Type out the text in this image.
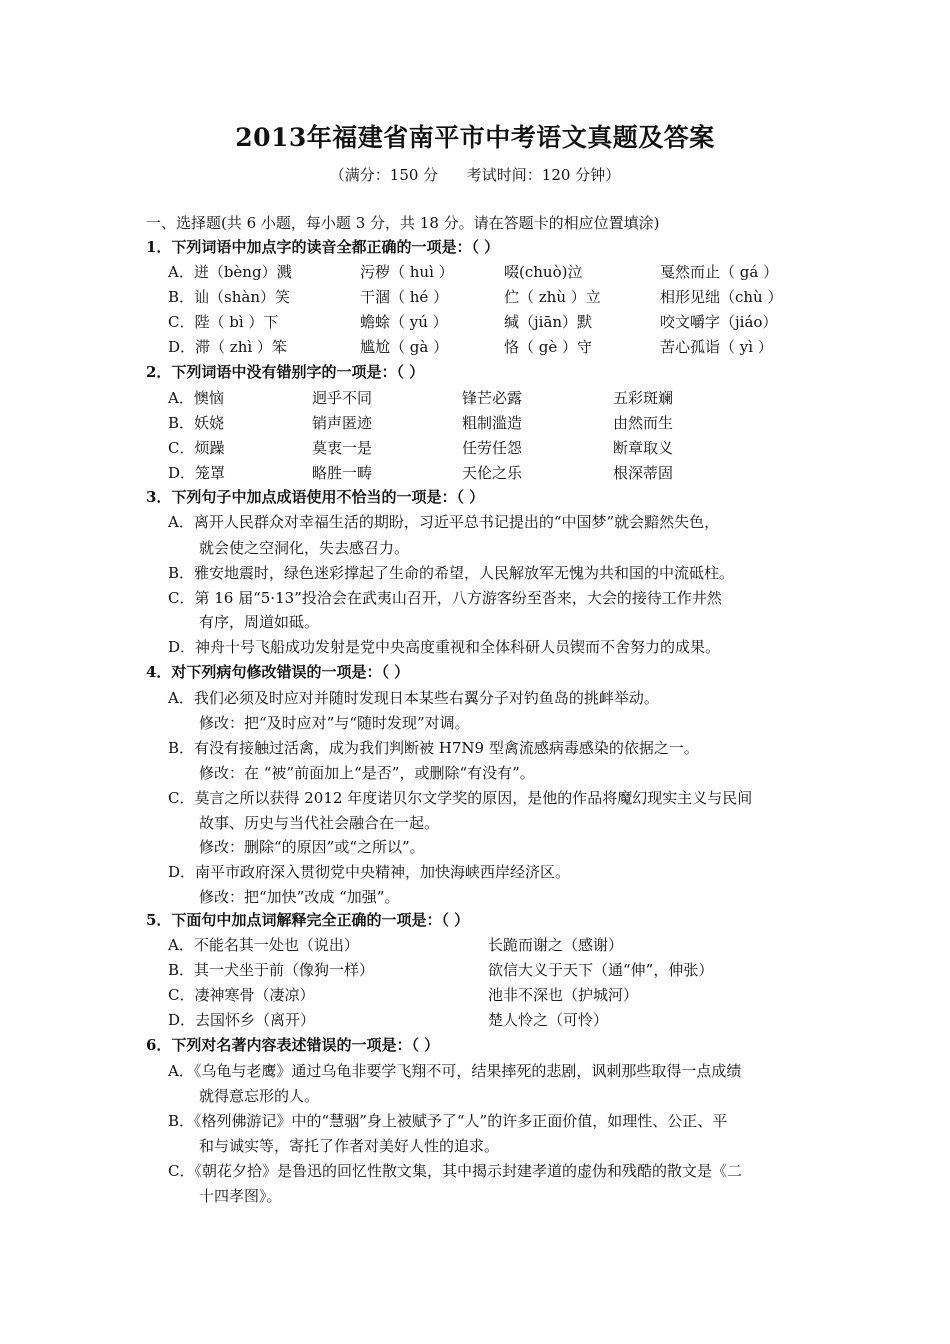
2013年福建省南平市中考语文真题及答案
（满分：150 分      考试时间：120 分钟）
一、选择题(共 6 小题，每小题 3 分，共 18 分。请在答题卡的相应位置填涂)
1．下列词语中加点字的读音全都正确的一项是：（ ）
A．迸（bèng）溅	污秽（ huì ）	啜(chuò)泣	戛然而止（ gá ）
B．讪（shàn）笑	干涸（ hé ）	伫（ zhù ）立	相形见绌（chù ）
C．陛（ bì ）下	蟾蜍（ yú ）	缄（jiān）默	咬文嚼字（jiáo）
D．滞（ zhì ）笨	尴尬（ gà ）	恪（ gè ）守	苦心孤诣（ yì ）
2．下列词语中没有错别字的一项是：（ ）
A．懊恼	迥乎不同	锋芒必露	五彩斑斓
B．妖娆	销声匿迹	粗制滥造	由然而生
C．烦躁	莫衷一是	任劳任怨	断章取义
D．笼罩	略胜一畴	天伦之乐	根深蒂固
3．下列句子中加点成语使用不恰当的一项是：（ ）
A．离开人民群众对幸福生活的期盼，习近平总书记提出的“中国梦”就会黯然失色，
就会使之空洞化，失去感召力。
B．雅安地震时，绿色迷彩撑起了生命的希望，人民解放军无愧为共和国的中流砥柱。
C．第 16 届“5·13”投洽会在武夷山召开，八方游客纷至沓来，大会的接待工作井然
有序，周道如砥。
D．神舟十号飞船成功发射是党中央高度重视和全体科研人员锲而不舍努力的成果。
4．对下列病句修改错误的一项是：（ ）
A．我们必须及时应对并随时发现日本某些右翼分子对钓鱼岛的挑衅举动。
修改：把“及时应对”与“随时发现”对调。
B．有没有接触过活禽，成为我们判断被 H7N9 型禽流感病毒感染的依据之一。
修改：在 “被”前面加上“是否”，或删除“有没有”。
C．莫言之所以获得 2012 年度诺贝尔文学奖的原因，是他的作品将魔幻现实主义与民间
故事、历史与当代社会融合在一起。
修改：删除“的原因”或“之所以”。
D．南平市政府深入贯彻党中央精神，加快海峡西岸经济区。
修改：把“加快”改成 “加强”。
5．下面句中加点词解释完全正确的一项是：（ ）
A．不能名其一处也（说出）	长跪而谢之（感谢）
B．其一犬坐于前（像狗一样）	欲信大义于天下（通“伸”，伸张）
C．凄神寒骨（凄凉）	池非不深也（护城河）
D．去国怀乡（离开）	楚人怜之（可怜）
6．下列对名著内容表述错误的一项是：（ ）
A．《乌龟与老鹰》通过乌龟非要学飞翔不可，结果摔死的悲剧，讽刺那些取得一点成绩
就得意忘形的人。
B．《格列佛游记》中的“慧骃”身上被赋予了“人”的许多正面价值，如理性、公正、平
和与诚实等，寄托了作者对美好人性的追求。
C．《朝花夕拾》是鲁迅的回忆性散文集，其中揭示封建孝道的虚伪和残酷的散文是《二
十四孝图》。
